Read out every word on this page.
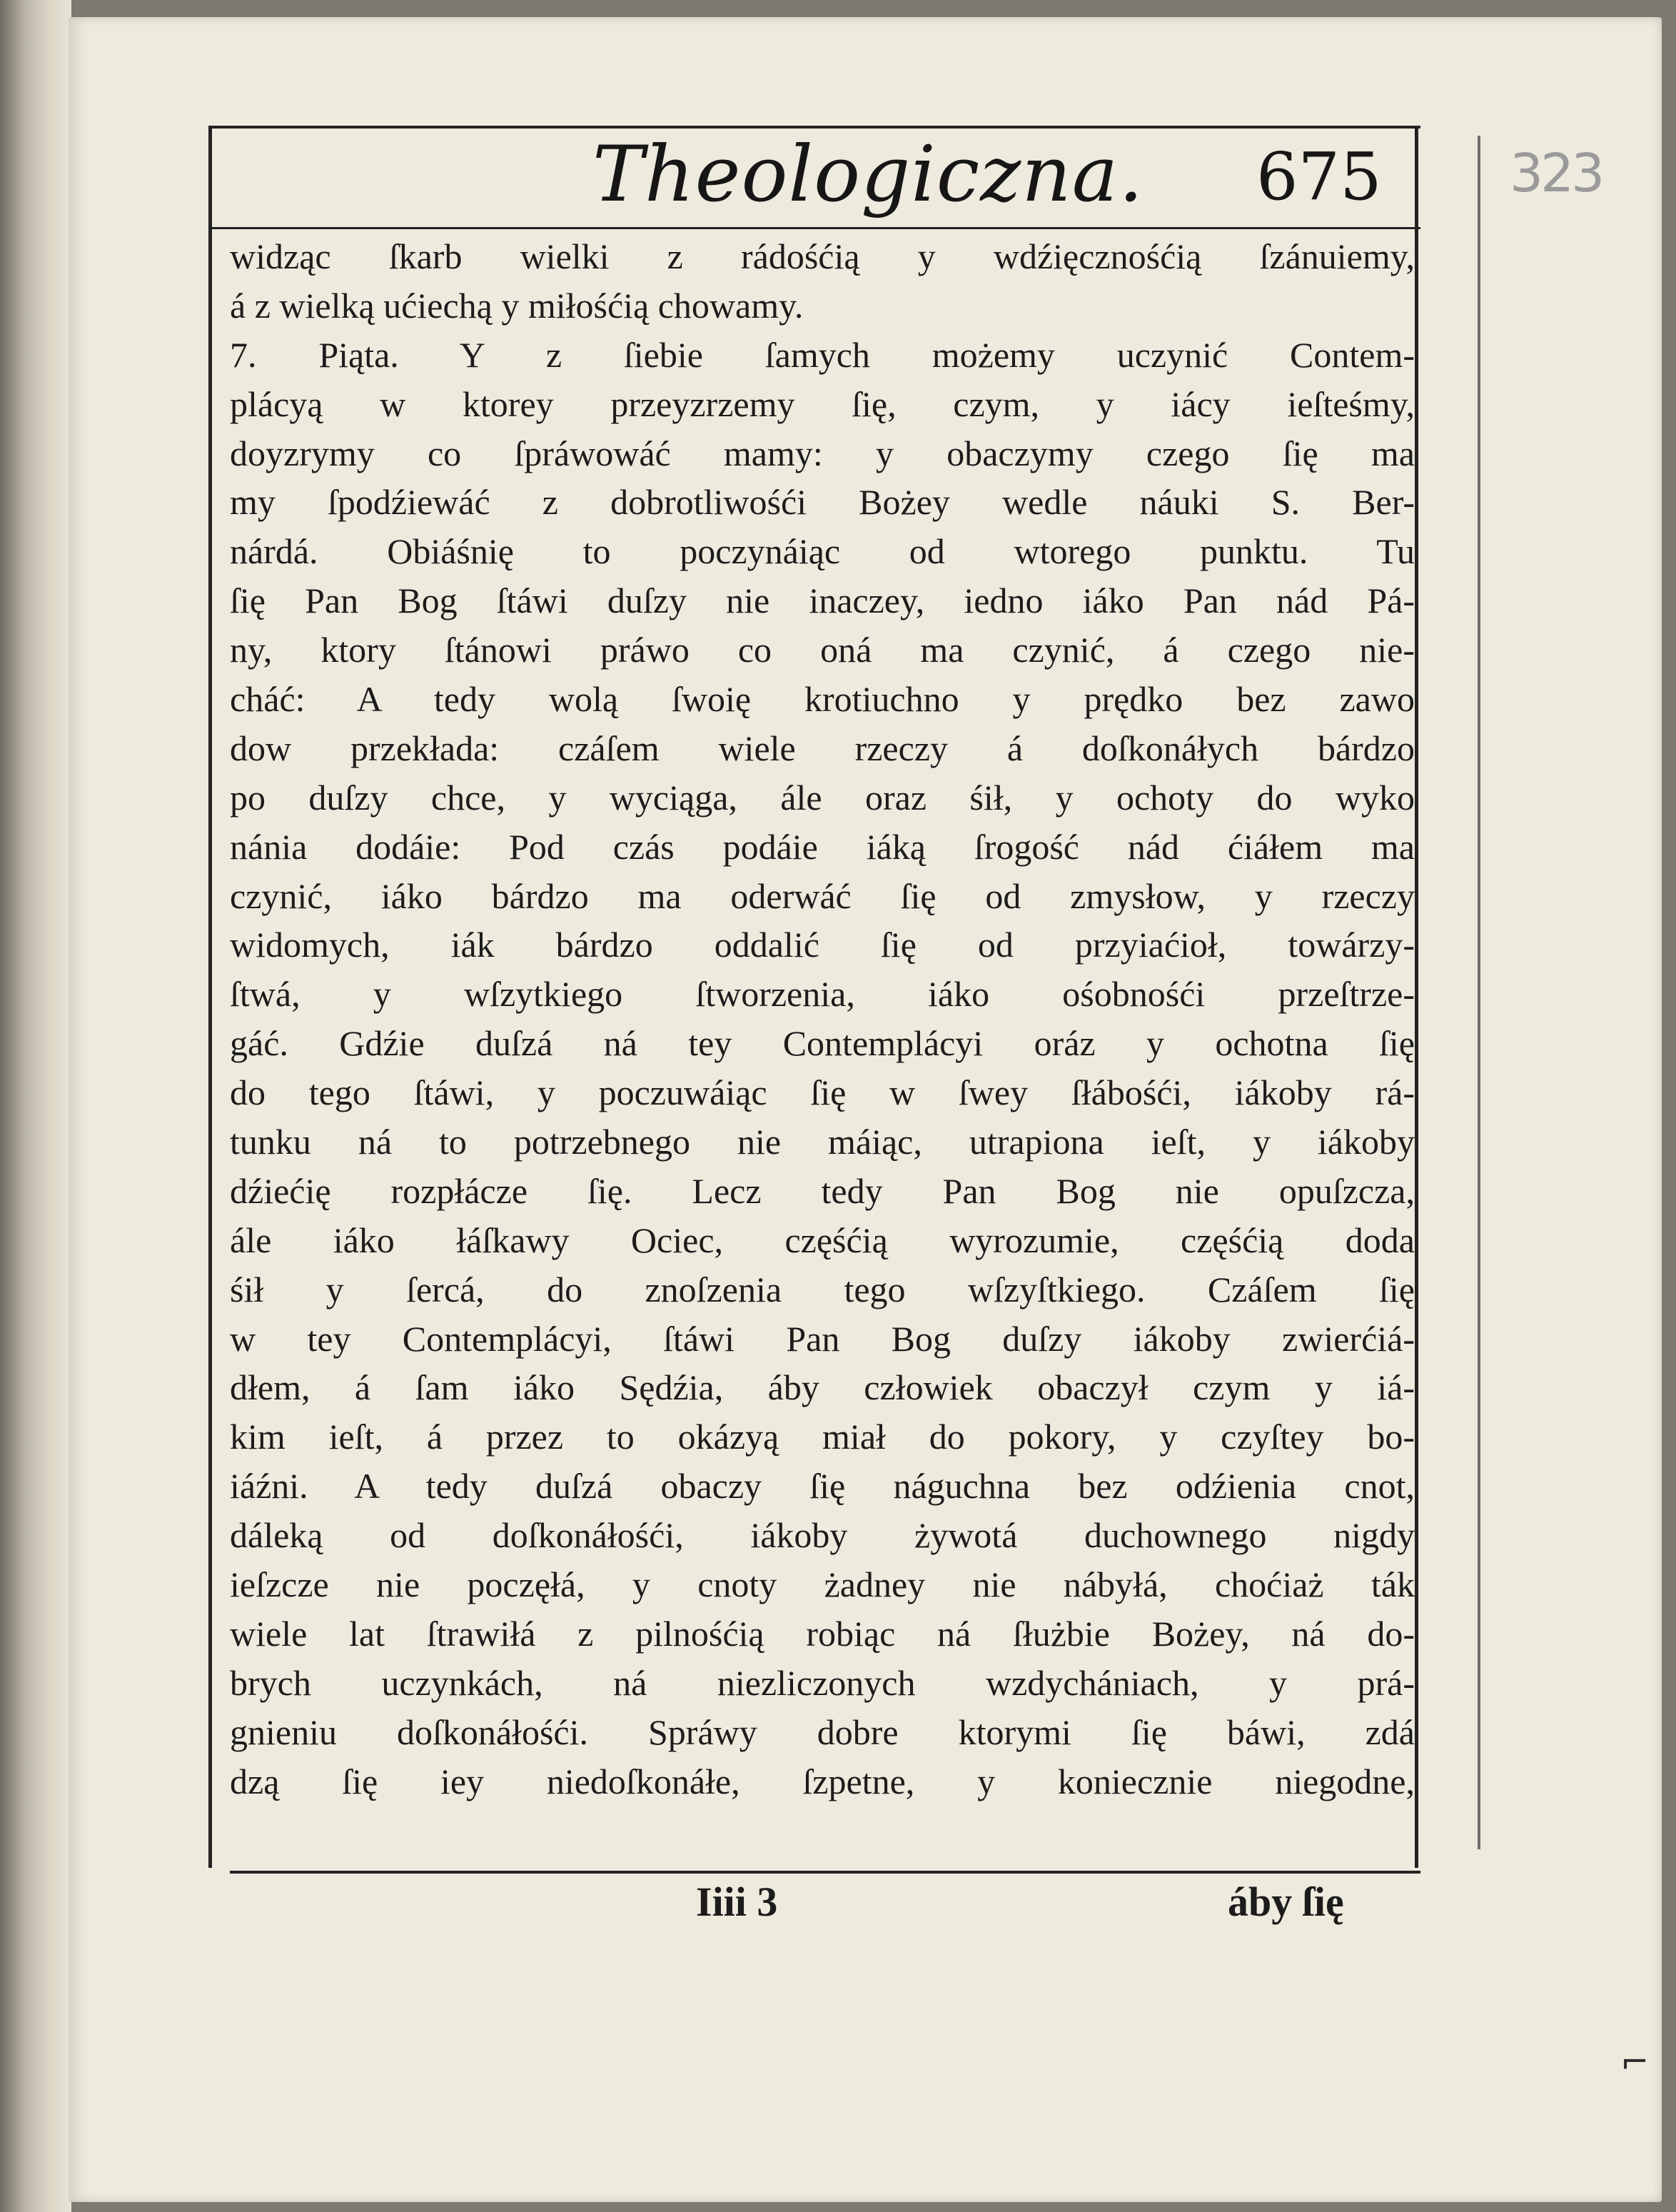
Theologiczna. 675
widząc ſkarb wielki z rádośćią y wdźięcznośćią ſzánuiemy,
á z wielką ućiechą y miłośćią chowamy.
7. Piąta. Y z ſiebie ſamych możemy uczynić Contem-
plácyą w ktorey przeyzrzemy ſię, czym, y iácy ieſteśmy,
doyzrymy co ſpráwowáć mamy: y obaczymy czego ſię ma
my ſpodźiewáć z dobrotliwośći Bożey wedle náuki S. Ber-
nárdá. Obiáśnię to poczynáiąc od wtorego punktu. Tu
ſię Pan Bog ſtáwi duſzy nie inaczey, iedno iáko Pan nád Pá-
ny, ktory ſtánowi práwo co oná ma czynić, á czego nie-
cháć: A tedy wolą ſwoię krotiuchno y prędko bez zawo
dow przekłada: czáſem wiele rzeczy á doſkonáłych bárdzo
po duſzy chce, y wyciąga, ále oraz śił, y ochoty do wyko
nánia dodáie: Pod czás podáie iáką ſrogość nád ćiáłem ma
czynić, iáko bárdzo ma oderwáć ſię od zmysłow, y rzeczy
widomych, iák bárdzo oddalić ſię od przyiaćioł, towárzy-
ſtwá, y wſzytkiego ſtworzenia, iáko ośobnośći przeſtrze-
gáć. Gdźie duſzá ná tey Contemplácyi oráz y ochotna ſię
do tego ſtáwi, y poczuwáiąc ſię w ſwey ſłábośći, iákoby rá-
tunku ná to potrzebnego nie máiąc, utrapiona ieſt, y iákoby
dźiećię rozpłácze ſię. Lecz tedy Pan Bog nie opuſzcza,
ále iáko łáſkawy Ociec, częśćią wyrozumie, częśćią doda
śił y ſercá, do znoſzenia tego wſzyſtkiego. Czáſem ſię
w tey Contemplácyi, ſtáwi Pan Bog duſzy iákoby zwierćiá-
dłem, á ſam iáko Sędźia, áby człowiek obaczył czym y iá-
kim ieſt, á przez to okázyą miał do pokory, y czyſtey bo-
iáźni. A tedy duſzá obaczy ſię náguchna bez odźienia cnot,
dáleką od doſkonáłośći, iákoby żywotá duchownego nigdy
ieſzcze nie poczęłá, y cnoty żadney nie nábyłá, choćiaż ták
wiele lat ſtrawiłá z pilnośćią robiąc ná ſłużbie Bożey, ná do-
brych uczynkách, ná niezliczonych wzdychániach, y prá-
gnieniu doſkonáłośći. Spráwy dobre ktorymi ſię báwi, zdá
dzą ſię iey niedoſkonáłe, ſzpetne, y koniecznie niegodne,
Iiii 3	áby ſię
323
⌐
